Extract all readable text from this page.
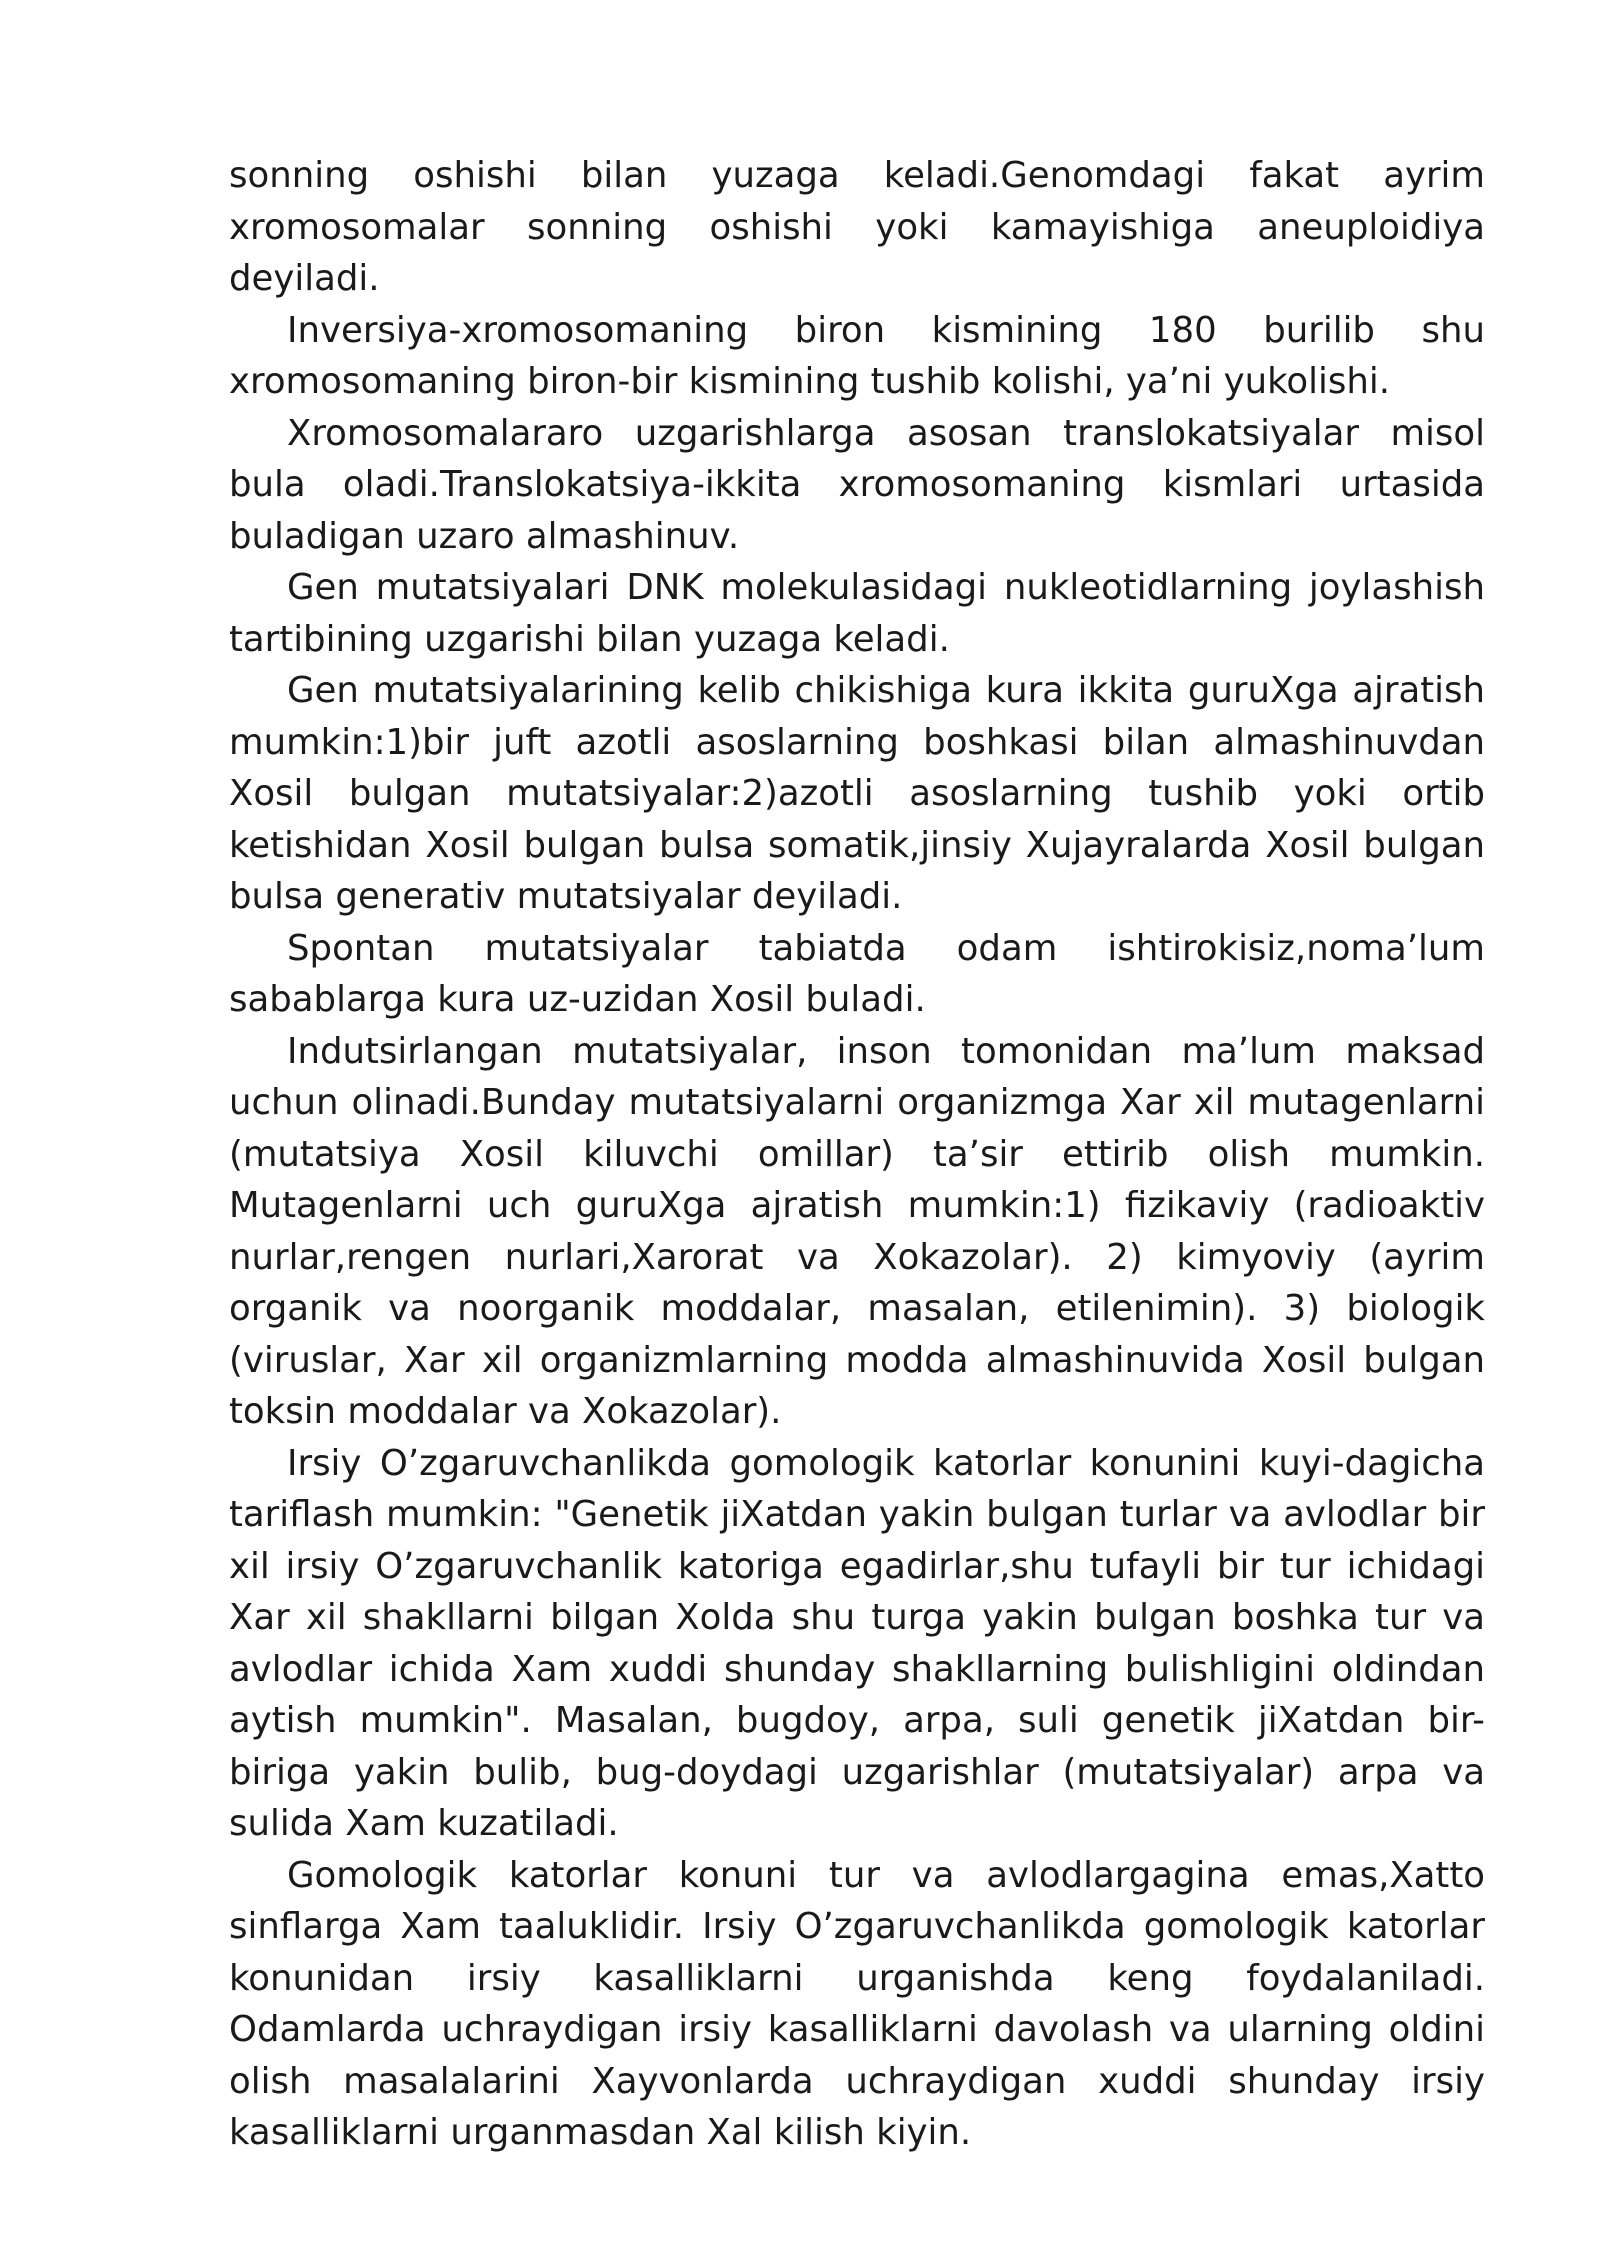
sonning oshishi bilan yuzaga keladi.Genomdagi fakat ayrim xromosomalar sonning oshishi yoki kamayishiga aneuploidiya deyiladi.

Inversiya-xromosomaning biron kismining 180 burilib shu xromosomaning biron-bir kismining tushib kolishi, ya’ni yukolishi.

Xromosomalararo uzgarishlarga asosan translokatsiyalar misol bula oladi.Translokatsiya-ikkita xromosomaning kismlari urtasida buladigan uzaro almashinuv.

Gen mutatsiyalari DNK molekulasidagi nukleotidlarning joylashish tartibining uzgarishi bilan yuzaga keladi.

Gen mutatsiyalarining kelib chikishiga kura ikkita guruXga ajratish mumkin:1)bir juft azotli asoslarning boshkasi bilan almashinuvdan Xosil bulgan mutatsiyalar:2)azotli asoslarning tushib yoki ortib ketishidan Xosil bulgan bulsa somatik,jinsiy Xujayralarda Xosil bulgan bulsa generativ mutatsiyalar deyiladi.

Spontan mutatsiyalar tabiatda odam ishtirokisiz,noma’lum sabablarga kura uz-uzidan Xosil buladi.

Indutsirlangan mutatsiyalar, inson tomonidan ma’lum maksad uchun olinadi.Bunday mutatsiyalarni organizmga Xar xil mutagenlarni (mutatsiya Xosil kiluvchi omillar) ta’sir ettirib olish mumkin. Mutagenlarni uch guruXga ajratish mumkin:1) fizikaviy (radioaktiv nurlar,rengen nurlari,Xarorat va Xokazolar). 2) kimyoviy (ayrim organik va noorganik moddalar, masalan, etilenimin). 3) biologik (viruslar, Xar xil organizmlarning modda almashinuvida Xosil bulgan toksin moddalar va Xokazolar).

Irsiy O’zgaruvchanlikda gomologik katorlar konunini kuyi-dagicha tariflash mumkin: "Genetik jiXatdan yakin bulgan turlar va avlodlar bir xil irsiy O’zgaruvchanlik katoriga egadirlar,shu tufayli bir tur ichidagi Xar xil shakllarni bilgan Xolda shu turga yakin bulgan boshka tur va avlodlar ichida Xam xuddi shunday shakllarning bulishligini oldindan aytish mumkin". Masalan, bugdoy, arpa, suli genetik jiXatdan bir-biriga yakin bulib, bug-doydagi uzgarishlar (mutatsiyalar) arpa va sulida Xam kuzatiladi.

Gomologik katorlar konuni tur va avlodlargagina emas,Xatto sinflarga Xam taaluklidir. Irsiy O’zgaruvchanlikda gomologik katorlar konunidan irsiy kasalliklarni urganishda keng foydalaniladi. Odamlarda uchraydigan irsiy kasalliklarni davolash va ularning oldini olish masalalarini Xayvonlarda uchraydigan xuddi shunday irsiy kasalliklarni urganmasdan Xal kilish kiyin.
